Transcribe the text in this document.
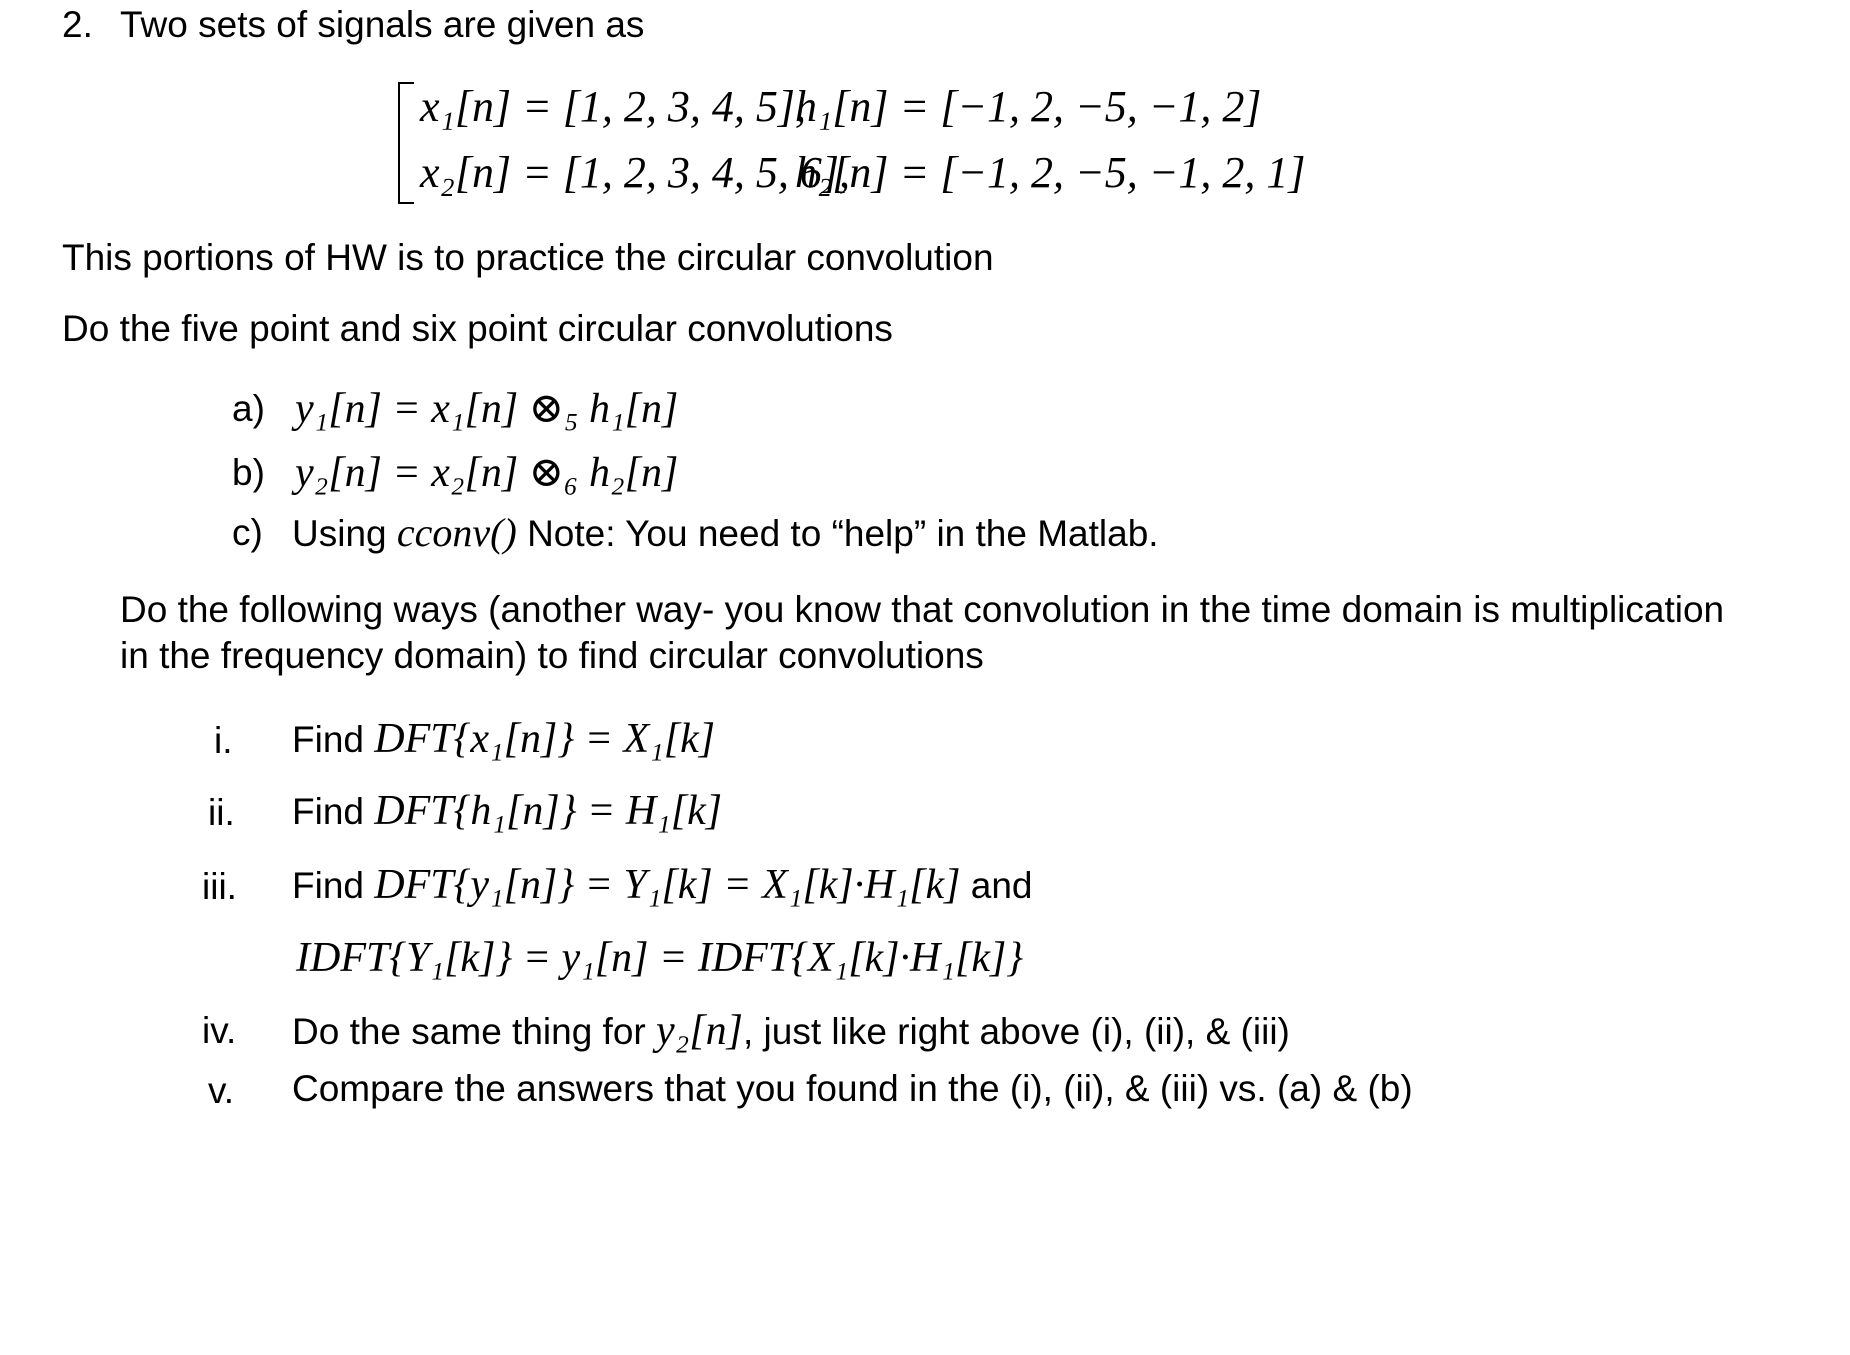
2. Two sets of signals are given as
x₁[n] = [1, 2, 3, 4, 5],
h₁[n] = [−1, 2, −5, −1, 2]
x₂[n] = [1, 2, 3, 4, 5, 6],
h₂[n] = [−1, 2, −5, −1, 2, 1]
This portions of HW is to practice the circular convolution
Do the five point and six point circular convolutions
a) y₁[n] = x₁[n] ⊗₅ h₁[n]
b) y₂[n] = x₂[n] ⊗₆ h₂[n]
c) Using cconv() Note: You need to “help” in the Matlab.
Do the following ways (another way- you know that convolution in the time domain is multiplication
in the frequency domain) to find circular convolutions
i. Find DFT{x₁[n]} = X₁[k]
ii. Find DFT{h₁[n]} = H₁[k]
iii. Find DFT{y₁[n]} = Y₁[k] = X₁[k]·H₁[k] and
IDFT{Y₁[k]} = y₁[n] = IDFT{X₁[k]·H₁[k]}
iv. Do the same thing for y₂[n], just like right above (i), (ii), & (iii)
v. Compare the answers that you found in the (i), (ii), & (iii) vs. (a) & (b)
